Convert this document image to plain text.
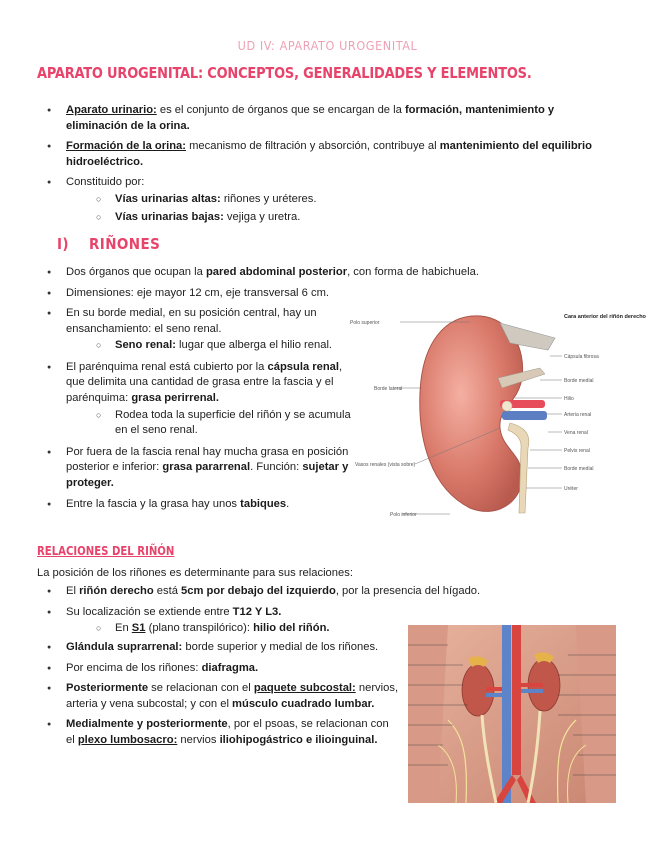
UD IV: APARATO UROGENITAL
APARATO UROGENITAL: CONCEPTOS, GENERALIDADES Y ELEMENTOS.
● Aparato urinario: es el conjunto de órganos que se encargan de la formación, mantenimiento y eliminación de la orina.
● Formación de la orina: mecanismo de filtración y absorción, contribuye al mantenimiento del equilibrio hidroeléctrico.
● Constituido por:
○ Vías urinarias altas: riñones y uréteres.
○ Vías urinarias bajas: vejiga y uretra.
I) RIÑONES
● Dos órganos que ocupan la pared abdominal posterior, con forma de habichuela.
● Dimensiones: eje mayor 12 cm, eje transversal 6 cm.
● En su borde medial, en su posición central, hay un ensanchamiento: el seno renal.
○ Seno renal: lugar que alberga el hilio renal.
● El parénquima renal está cubierto por la cápsula renal, que delimita una cantidad de grasa entre la fascia y el parénquima: grasa perirrenal.
○ Rodea toda la superficie del riñón y se acumula en el seno renal.
● Por fuera de la fascia renal hay mucha grasa en posición posterior e inferior: grasa pararrenal. Función: sujetar y proteger.
● Entre la fascia y la grasa hay unos tabiques.
Polo superior
Borde lateral
Vasos renales (vista sobre)
Polo inferior
Cara anterior del riñón derecho
Cápsula fibrosa
Borde medial
Hilio
Arteria renal
Vena renal
Pelvis renal
Borde medial
Uréter
RELACIONES DEL RIÑÓN
La posición de los riñones es determinante para sus relaciones:
● El riñón derecho está 5cm por debajo del izquierdo, por la presencia del hígado.
● Su localización se extiende entre T12 Y L3.
○ En S1 (plano transpilórico): hilio del riñón.
● Glándula suprarrenal: borde superior y medial de los riñones.
● Por encima de los riñones: diafragma.
● Posteriormente se relacionan con el paquete subcostal: nervios, arteria y vena subcostal; y con el músculo cuadrado lumbar.
● Medialmente y posteriormente, por el psoas, se relacionan con el plexo lumbosacro: nervios iliohipogástrico e ilioinguinal.
